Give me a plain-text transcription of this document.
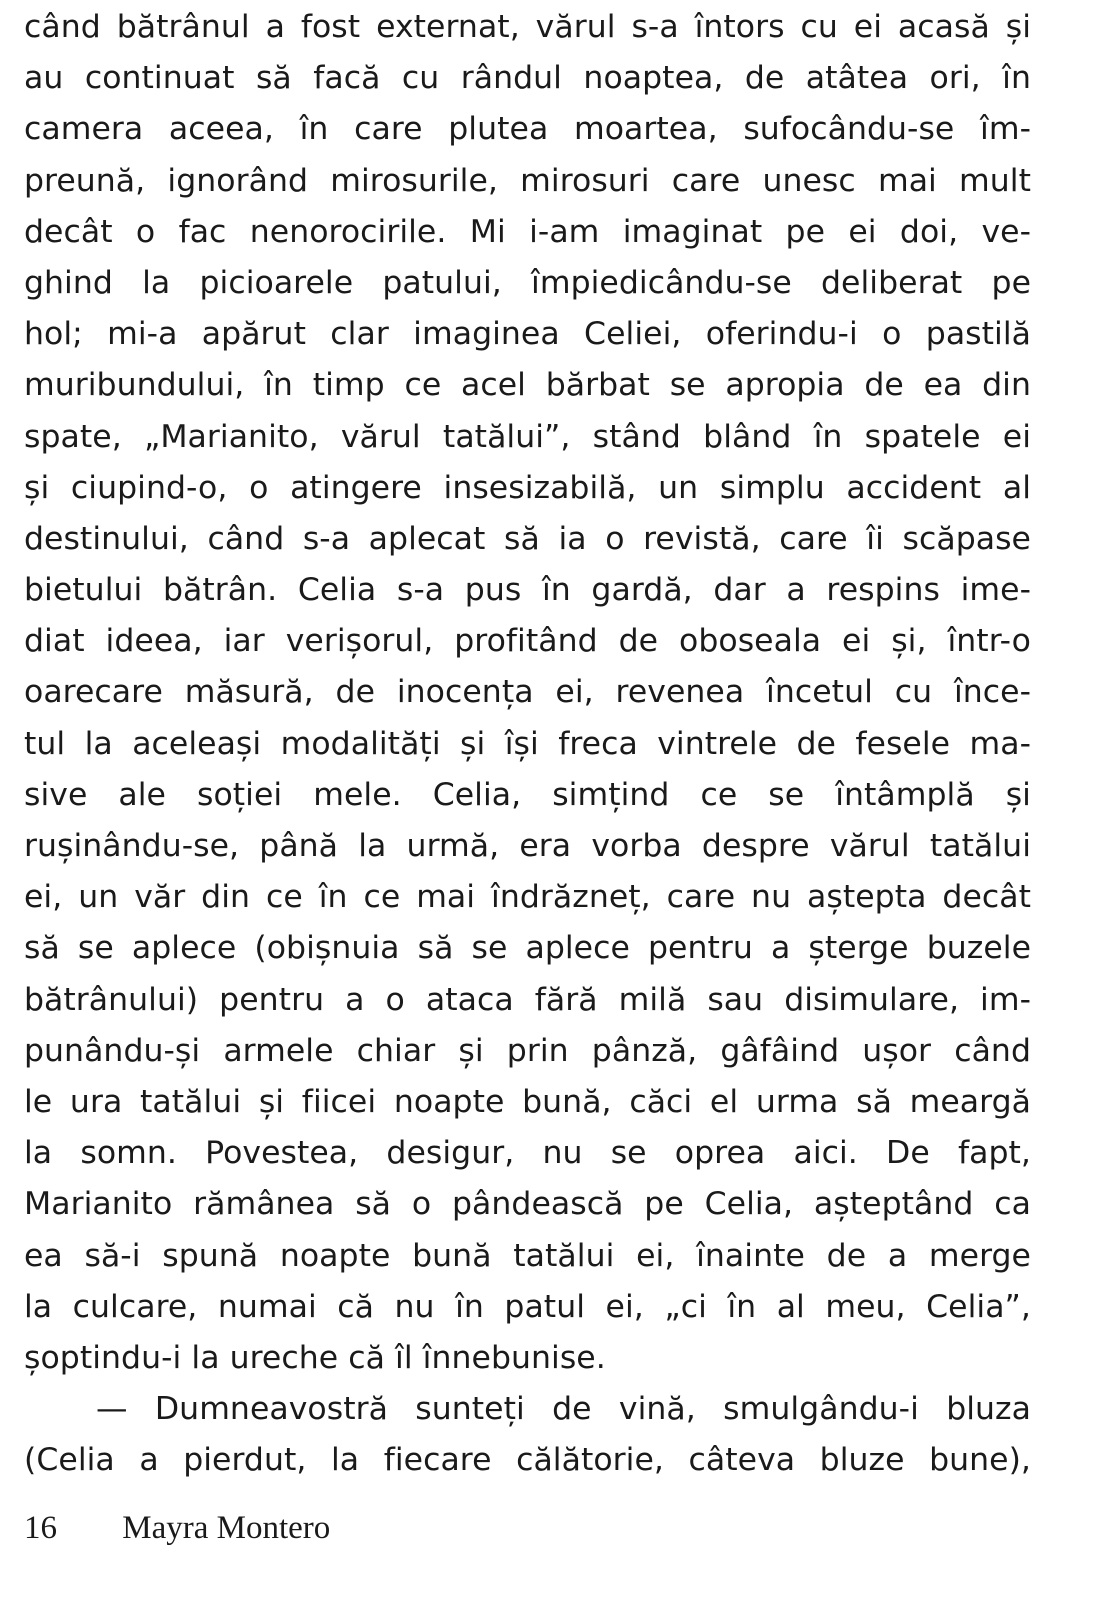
când bătrânul a fost externat, vărul s-a întors cu ei acasă și
au continuat să facă cu rândul noaptea, de atâtea ori, în
camera aceea, în care plutea moartea, sufocându-se îm-
preună, ignorând mirosurile, mirosuri care unesc mai mult
decât o fac nenorocirile. Mi i-am imaginat pe ei doi, ve-
ghind la picioarele patului, împiedicându-se deliberat pe
hol; mi-a apărut clar imaginea Celiei, oferindu-i o pastilă
muribundului, în timp ce acel bărbat se apropia de ea din
spate, „Marianito, vărul tatălui”, stând blând în spatele ei
și ciupind-o, o atingere insesizabilă, un simplu accident al
destinului, când s-a aplecat să ia o revistă, care îi scăpase
bietului bătrân. Celia s-a pus în gardă, dar a respins ime-
diat ideea, iar verișorul, profitând de oboseala ei și, într-o
oarecare măsură, de inocența ei, revenea încetul cu înce-
tul la aceleași modalități și își freca vintrele de fesele ma-
sive ale soției mele. Celia, simțind ce se întâmplă și
rușinându-se, până la urmă, era vorba despre vărul tatălui
ei, un văr din ce în ce mai îndrăzneț, care nu aștepta decât
să se aplece (obișnuia să se aplece pentru a șterge buzele
bătrânului) pentru a o ataca fără milă sau disimulare, im-
punându-și armele chiar și prin pânză, gâfâind ușor când
le ura tatălui și fiicei noapte bună, căci el urma să meargă
la somn. Povestea, desigur, nu se oprea aici. De fapt,
Marianito rămânea să o pândească pe Celia, așteptând ca
ea să-i spună noapte bună tatălui ei, înainte de a merge
la culcare, numai că nu în patul ei, „ci în al meu, Celia”,
șoptindu-i la ureche că îl înnebunise.
— Dumneavostră sunteți de vină, smulgându-i bluza
(Celia a pierdut, la fiecare călătorie, câteva bluze bune),
16 Mayra Montero
